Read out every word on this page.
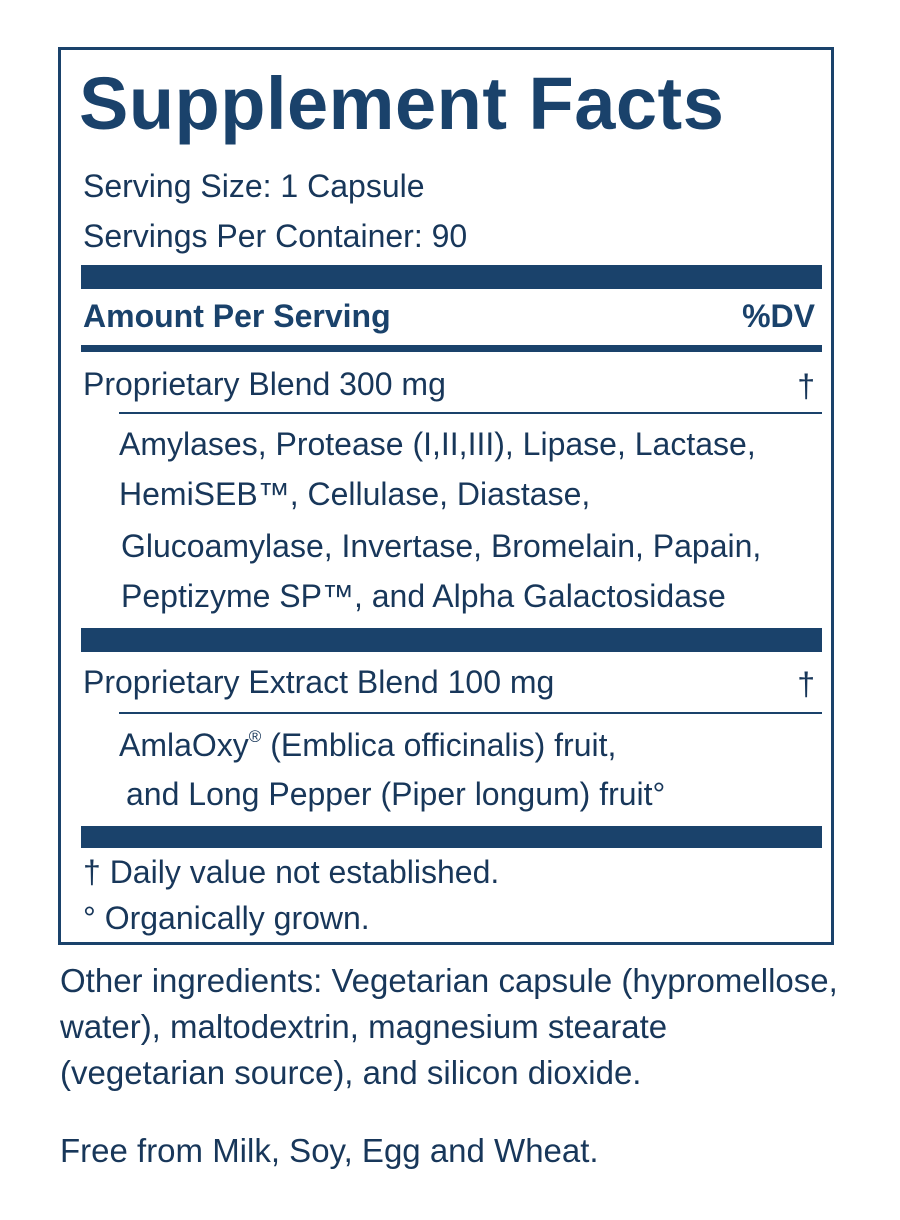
Supplement Facts
Serving Size: 1 Capsule
Servings Per Container: 90
Amount Per Serving	%DV
Proprietary Blend 300 mg	†
Amylases, Protease (I,II,III), Lipase, Lactase,
HemiSEB™, Cellulase, Diastase,
Glucoamylase, Invertase, Bromelain, Papain,
Peptizyme SP™, and Alpha Galactosidase
Proprietary Extract Blend 100 mg	†
AmlaOxy® (Emblica officinalis) fruit,
and Long Pepper (Piper longum) fruit°
† Daily value not established.
° Organically grown.
Other ingredients: Vegetarian capsule (hypromellose,
water), maltodextrin, magnesium stearate
(vegetarian source), and silicon dioxide.
Free from Milk, Soy, Egg and Wheat.
